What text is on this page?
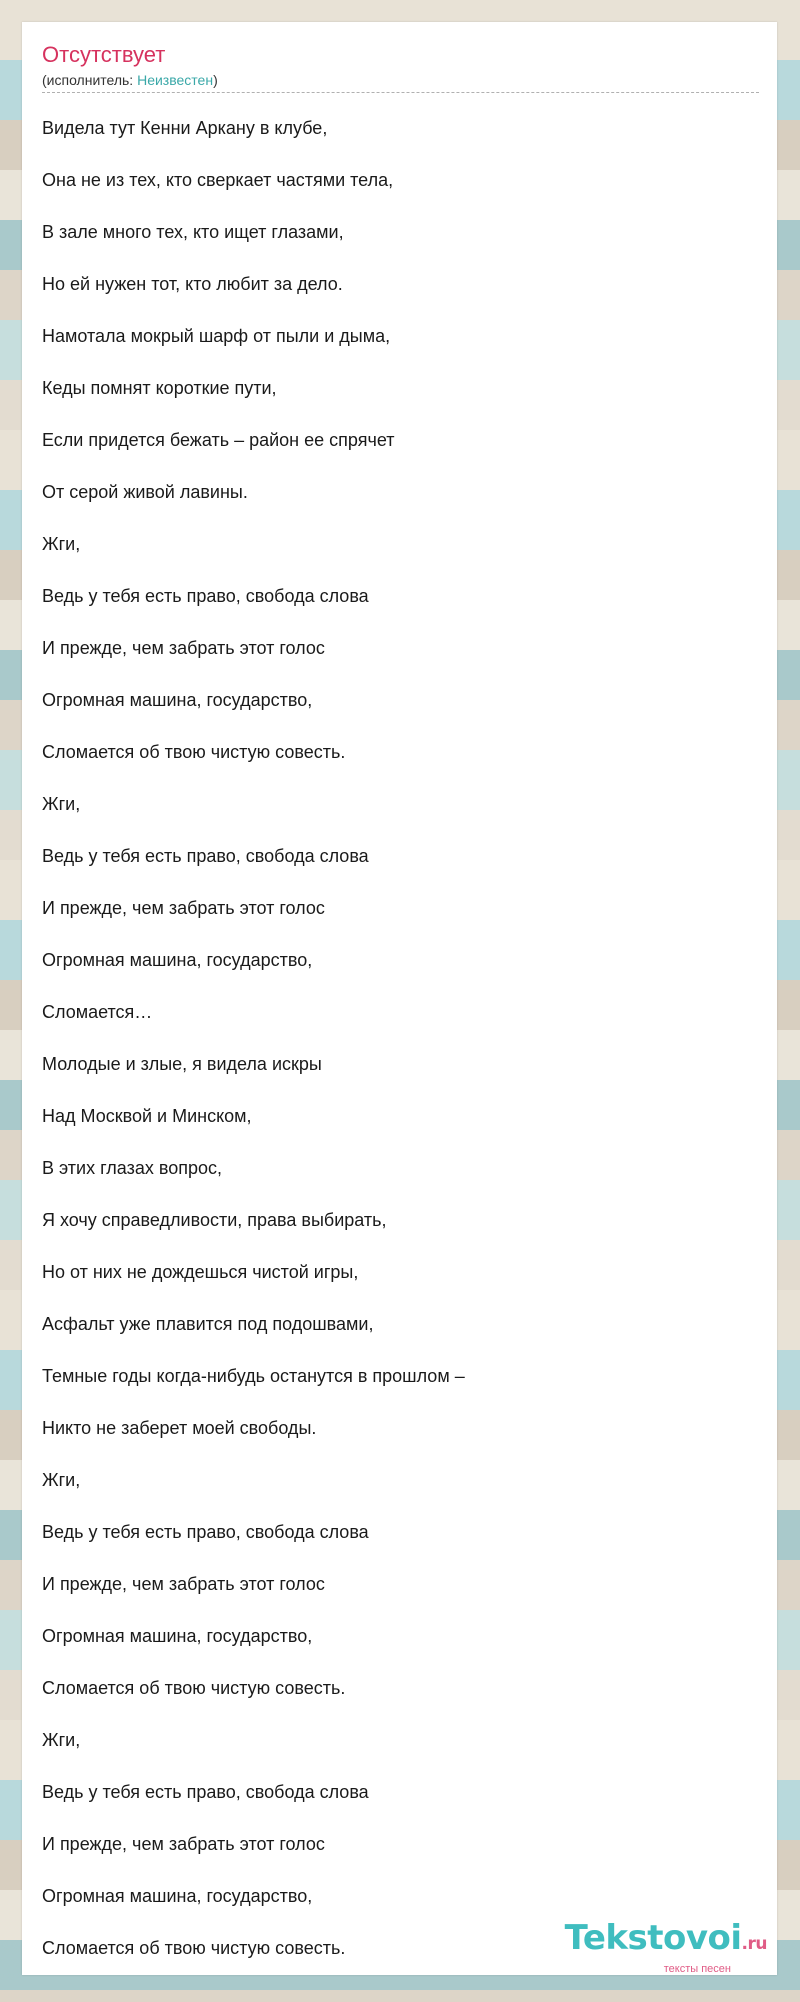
Отсутствует
(исполнитель: Неизвестен)
Видела тут Кенни Аркану в клубе,
Она не из тех, кто сверкает частями тела,
В зале много тех, кто ищет глазами,
Но ей нужен тот, кто любит за дело.
Намотала мокрый шарф от пыли и дыма,
Кеды помнят короткие пути,
Если придется бежать – район ее спрячет
От серой живой лавины.
Жги,
Ведь у тебя есть право, свобода слова
И прежде, чем забрать этот голос
Огромная машина, государство,
Сломается об твою чистую совесть.
Жги,
Ведь у тебя есть право, свобода слова
И прежде, чем забрать этот голос
Огромная машина, государство,
Сломается…
Молодые и злые, я видела искры
Над Москвой и Минском,
В этих глазах вопрос,
Я хочу справедливости, права выбирать,
Но от них не дождешься чистой игры,
Асфальт уже плавится под подошвами,
Темные годы когда-нибудь останутся в прошлом –
Никто не заберет моей свободы.
Жги,
Ведь у тебя есть право, свобода слова
И прежде, чем забрать этот голос
Огромная машина, государство,
Сломается об твою чистую совесть.
Жги,
Ведь у тебя есть право, свобода слова
И прежде, чем забрать этот голос
Огромная машина, государство,
Сломается об твою чистую совесть.	Tekstovoi.ru
тексты песен
